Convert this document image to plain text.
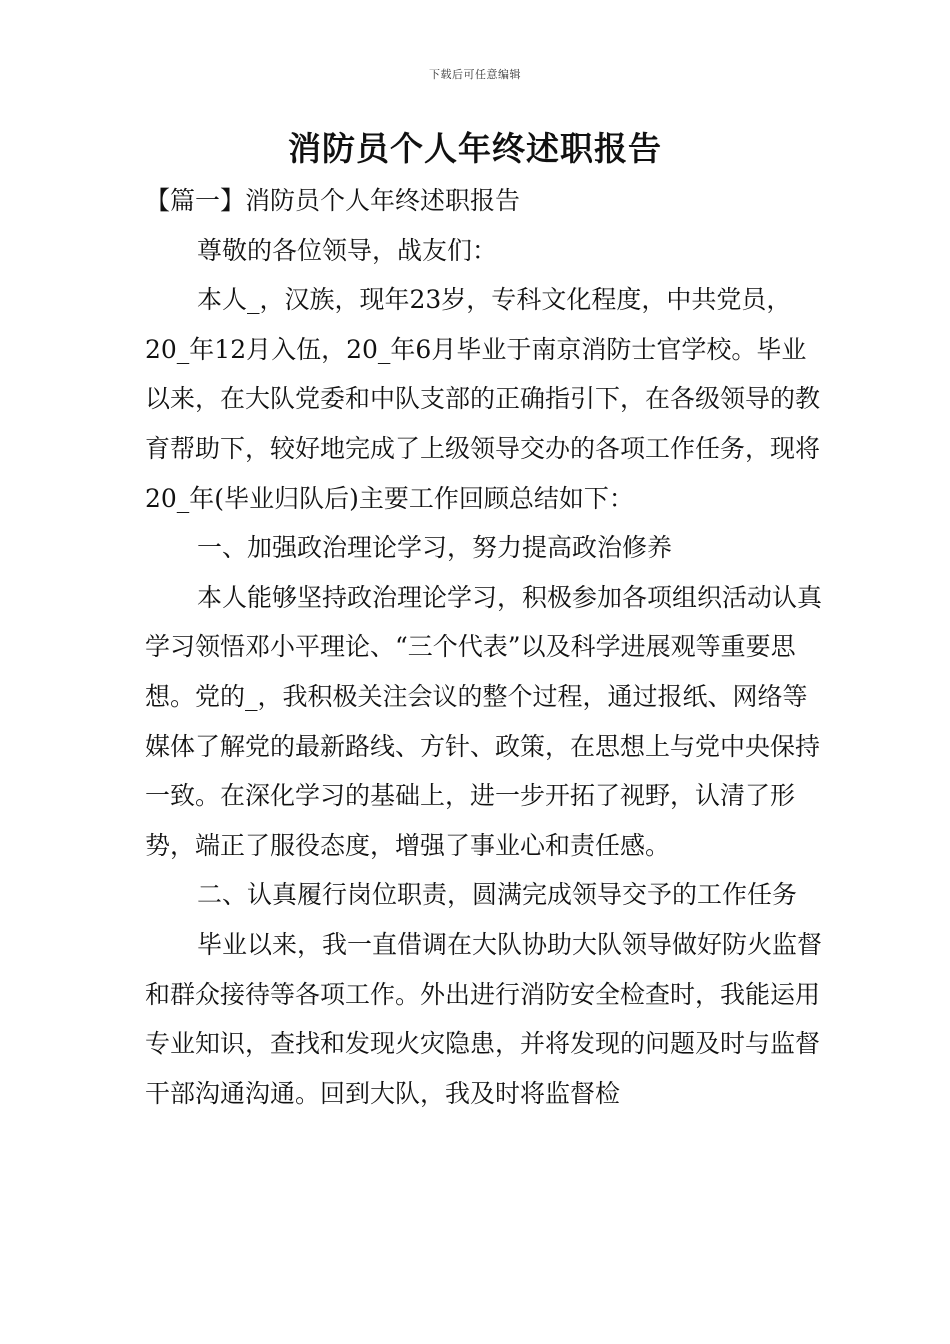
下载后可任意编辑
消防员个人年终述职报告

【篇一】消防员个人年终述职报告

尊敬的各位领导，战友们：

本人_，汉族，现年23岁，专科文化程度，中共党员，20_年12月入伍，20_年6月毕业于南京消防士官学校。毕业以来，在大队党委和中队支部的正确指引下，在各级领导的教育帮助下，较好地完成了上级领导交办的各项工作任务，现将20_年(毕业归队后)主要工作回顾总结如下：

一、加强政治理论学习，努力提高政治修养

本人能够坚持政治理论学习，积极参加各项组织活动认真学习领悟邓小平理论、“三个代表”以及科学进展观等重要思想。党的_，我积极关注会议的整个过程，通过报纸、网络等媒体了解党的最新路线、方针、政策，在思想上与党中央保持一致。在深化学习的基础上，进一步开拓了视野，认清了形势，端正了服役态度，增强了事业心和责任感。

二、认真履行岗位职责，圆满完成领导交予的工作任务

毕业以来，我一直借调在大队协助大队领导做好防火监督和群众接待等各项工作。外出进行消防安全检查时，我能运用专业知识，查找和发现火灾隐患，并将发现的问题及时与监督干部沟通沟通。回到大队，我及时将监督检
